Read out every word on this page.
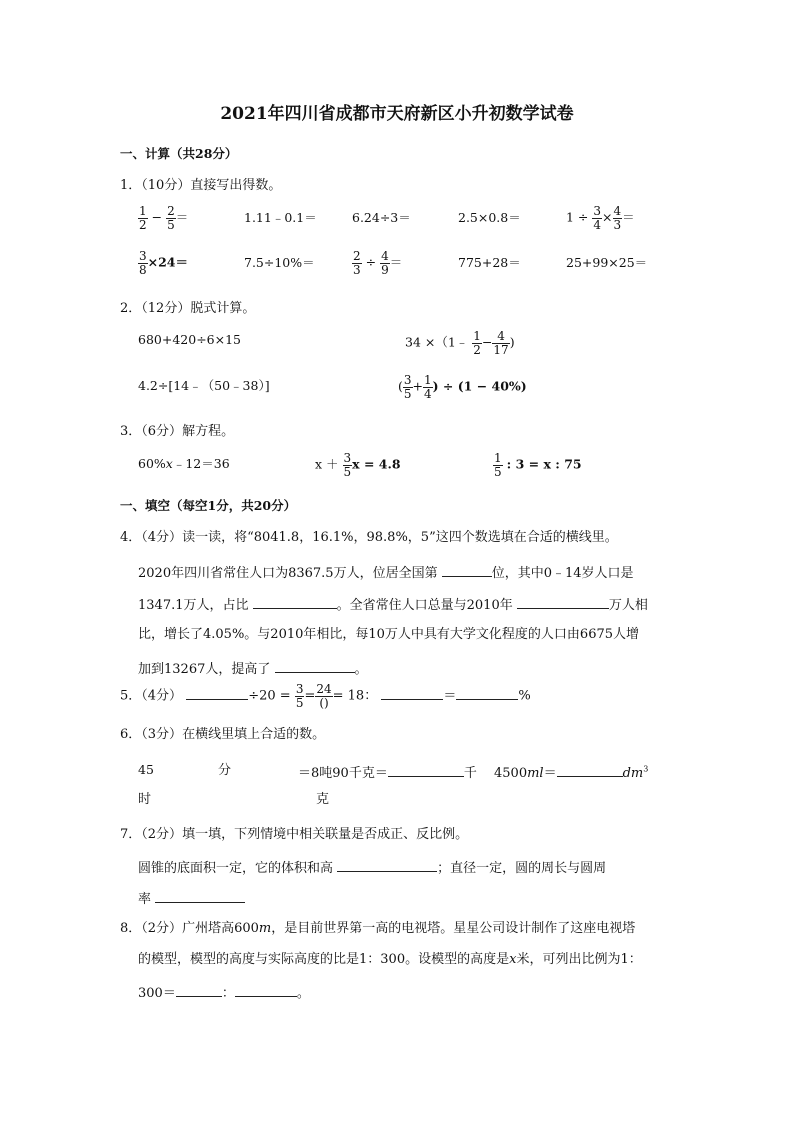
2021年四川省成都市天府新区小升初数学试卷
一、计算（共28分）
1．（10分）直接写出得数。
$\frac{1}{2} - \frac{2}{5}$ ＝	1.11﹣0.1＝	6.24÷3＝	2.5×0.8＝	$1 \div \frac{3}{4} \times \frac{4}{3}$ ＝
$\frac{3}{8} \times 24=$	7.5÷10%＝	$\frac{2}{3} \div \frac{4}{9}$ ＝	775+28＝	25+99×25＝
2．（12分）脱式计算。
680+420÷6×15	34 ×（1﹣ $\frac{1}{2} - \frac{4}{17}$ )
4.2÷[14﹣（50﹣38）]	( $\frac{3}{5} + \frac{1}{4}$ ) ÷ (1 − 40%)
3．（6分）解方程。
60%x﹣12＝36	$x + \frac{3}{5}$ x = 4.8	$\frac{1}{5}$ : 3 = x : 75
一、填空（每空1分，共20分）
4．（4分）读一读，将“8041.8，16.1%，98.8%，5”这四个数选填在合适的横线里。
2020年四川省常住人口为8367.5万人，位居全国第	位，其中0﹣14岁人口是
1347.1万人，占比	。全省常住人口总量与2010年	万人相
比，增长了4.05%。与2010年相比，每10万人中具有大学文化程度的人口由6675人增
加到13267人，提高了	。
5．（4分）	$\div 20 = \frac{3}{5} = \frac{24}{()} = 18$：	＝	%
6．（3分）在横线里填上合适的数。
45	分
时
＝8吨90千克＝	千
克
4500ml＝	$dm^3$
7．（2分）填一填，下列情境中相关联量是否成正、反比例。
圆锥的底面积一定，它的体积和高	；直径一定，圆的周长与圆周
率
8．（2分）广州塔高600m，是目前世界第一高的电视塔。星星公司设计制作了这座电视塔
的模型，模型的高度与实际高度的比是1：300。设模型的高度是x米，可列出比例为1：
300＝	：	。
